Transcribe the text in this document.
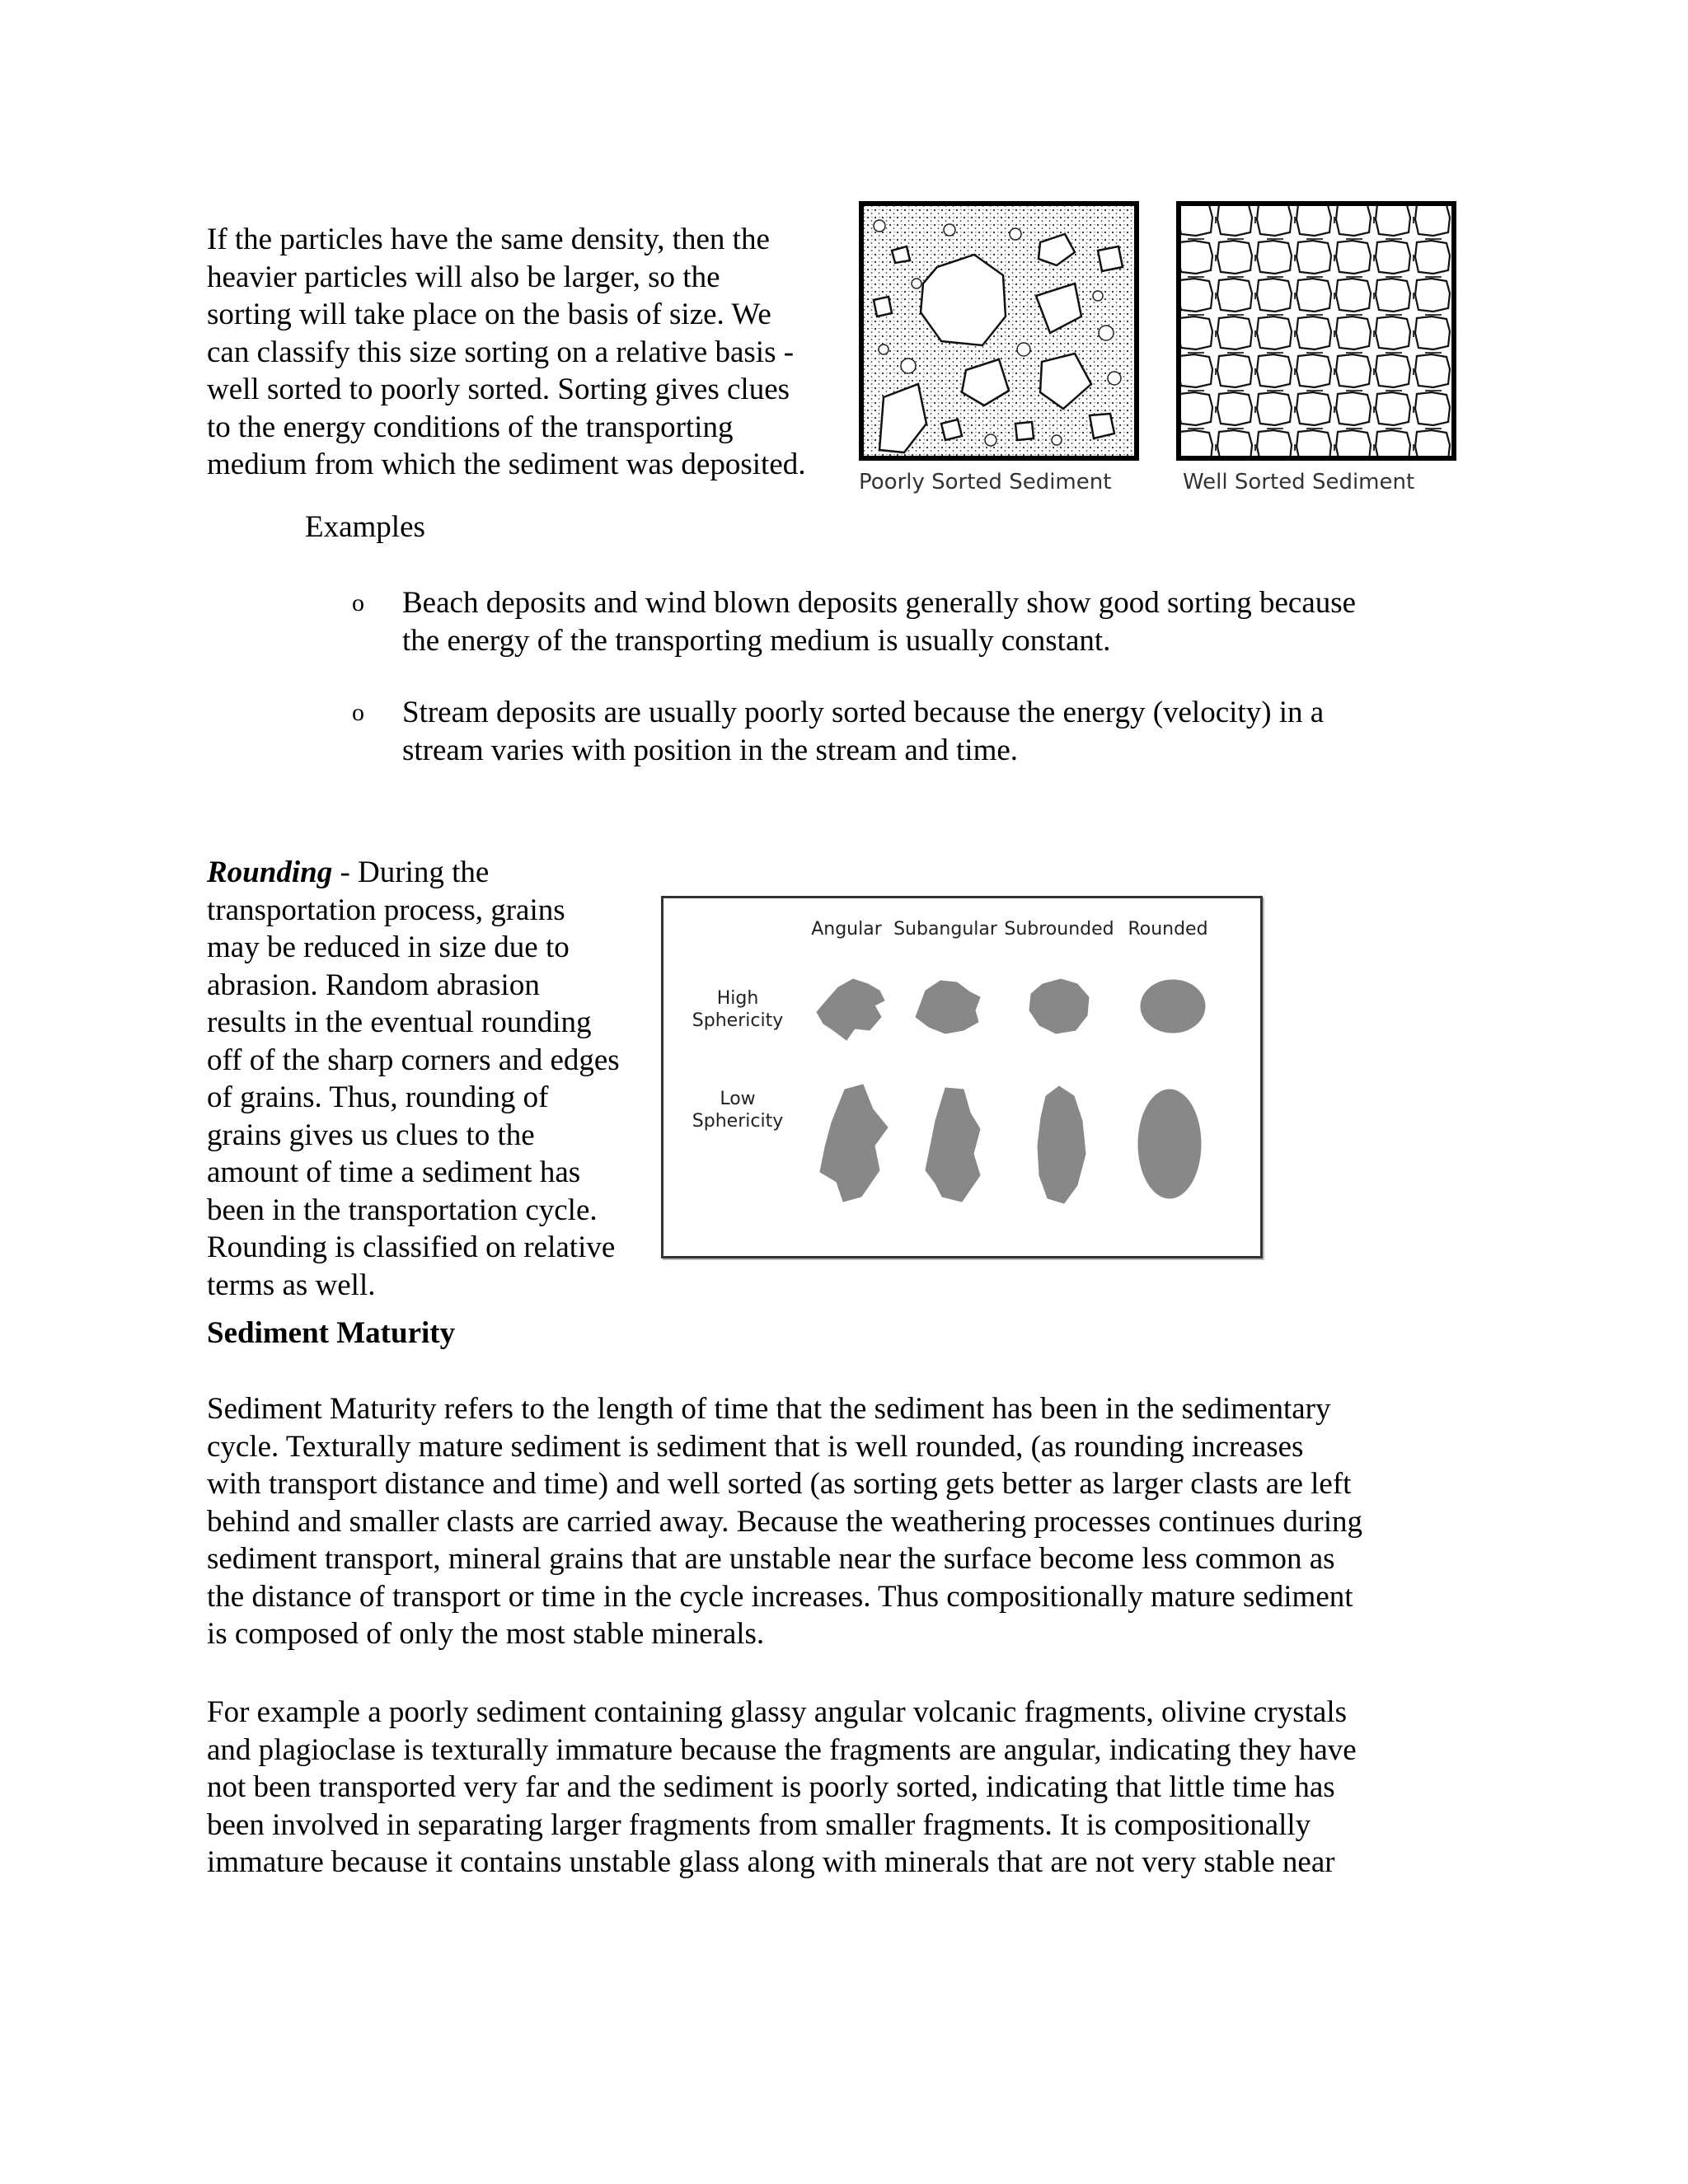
If the particles have the same density, then the
heavier particles will also be larger, so the
sorting will take place on the basis of size. We
can classify this size sorting on a relative basis -
well sorted to poorly sorted. Sorting gives clues
to the energy conditions of the transporting
medium from which the sediment was deposited.
Poorly Sorted Sediment	Well Sorted Sediment
Examples
o Beach deposits and wind blown deposits generally show good sorting because
the energy of the transporting medium is usually constant.
o Stream deposits are usually poorly sorted because the energy (velocity) in a
stream varies with position in the stream and time.
Rounding - During the
transportation process, grains
may be reduced in size due to
abrasion. Random abrasion
results in the eventual rounding
off of the sharp corners and edges
of grains. Thus, rounding of
grains gives us clues to the
amount of time a sediment has
been in the transportation cycle.
Rounding is classified on relative
terms as well.
Angular Subangular Subrounded Rounded
High
Sphericity
Low
Sphericity
Sediment Maturity
Sediment Maturity refers to the length of time that the sediment has been in the sedimentary
cycle. Texturally mature sediment is sediment that is well rounded, (as rounding increases
with transport distance and time) and well sorted (as sorting gets better as larger clasts are left
behind and smaller clasts are carried away. Because the weathering processes continues during
sediment transport, mineral grains that are unstable near the surface become less common as
the distance of transport or time in the cycle increases. Thus compositionally mature sediment
is composed of only the most stable minerals.
For example a poorly sediment containing glassy angular volcanic fragments, olivine crystals
and plagioclase is texturally immature because the fragments are angular, indicating they have
not been transported very far and the sediment is poorly sorted, indicating that little time has
been involved in separating larger fragments from smaller fragments. It is compositionally
immature because it contains unstable glass along with minerals that are not very stable near
